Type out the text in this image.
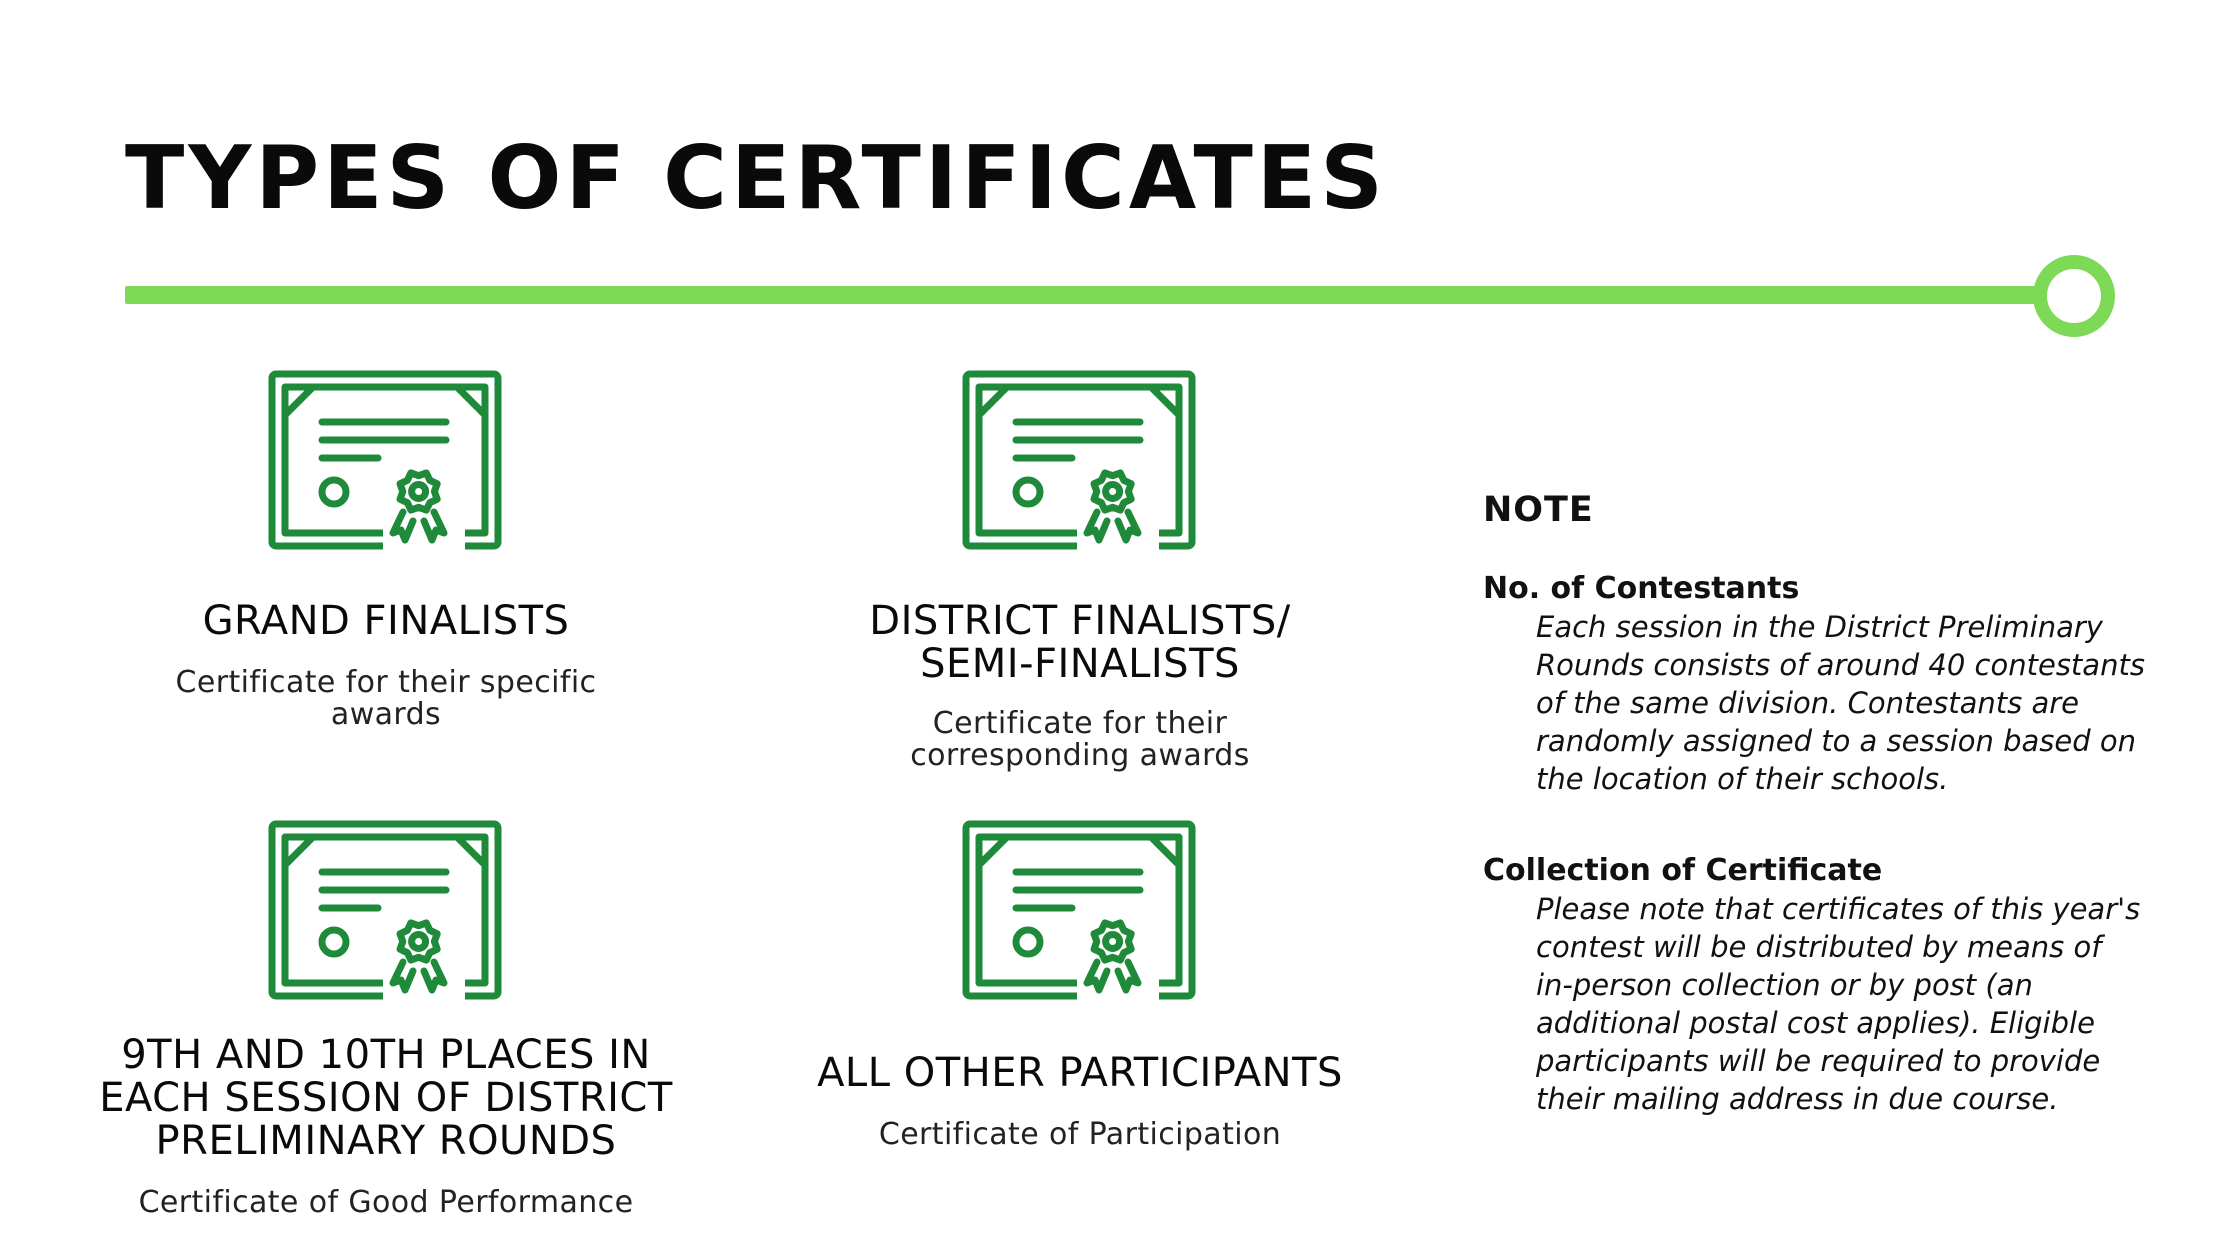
TYPES OF CERTIFICATES
GRAND FINALISTS

Certificate for their specific awards

DISTRICT FINALISTS/
SEMI-FINALISTS

Certificate for their corresponding awards

9TH AND 10TH PLACES IN
EACH SESSION OF DISTRICT
PRELIMINARY ROUNDS

Certificate of Good Performance

ALL OTHER PARTICIPANTS

Certificate of Participation

NOTE
No. of Contestants

Each session in the District Preliminary Rounds consists of around 40 contestants of the same division. Contestants are randomly assigned to a session based on the location of their schools.

Collection of Certificate

Please note that certificates of this year's contest will be distributed by means of in-person collection or by post (an additional postal cost applies). Eligible participants will be required to provide their mailing address in due course.
